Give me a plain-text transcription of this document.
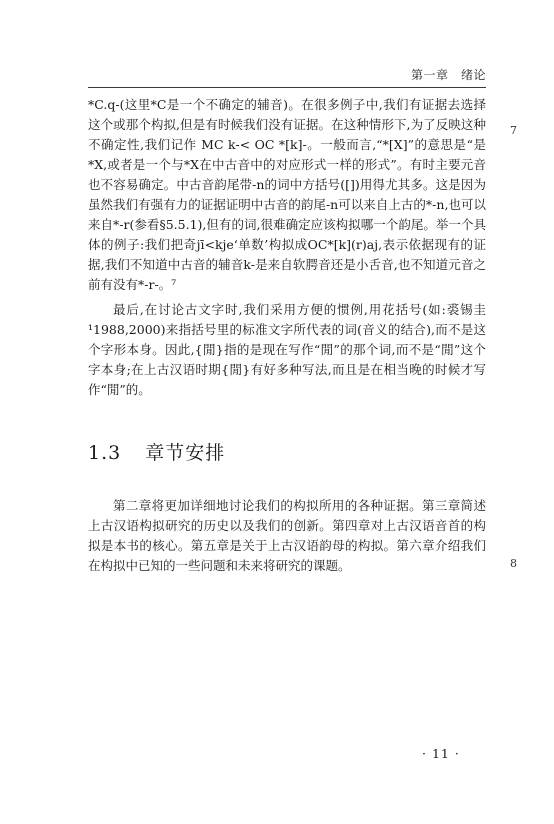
第一章　绪论

*C.q-(这里*C是一个不确定的辅音)。在很多例子中,我们有证据去选择这个或那个构拟,但是有时候我们没有证据。在这种情形下,为了反映这种不确定性,我们记作 MC k-< OC *[k]-。一般而言,“*[X]”的意思是“是*X,或者是一个与*X在中古音中的对应形式一样的形式”。有时主要元音也不容易确定。中古音韵尾带-n的词中方括号([])用得尤其多。这是因为虽然我们有强有力的证据证明中古音的韵尾-n可以来自上古的*-n,也可以来自*-r(参看§5.5.1),但有的词,很难确定应该构拟哪一个韵尾。举一个具体的例子:我们把奇jī<kje‘单数’构拟成OC*[k](r)aj,表示依据现有的证据,我们不知道中古音的辅音k-是来自软腭音还是小舌音,也不知道元音之前有没有*-r-。⁷

最后,在讨论古文字时,我们采用方便的惯例,用花括号(如:裘锡圭¹1988,2000)来指括号里的标准文字所代表的词(音义的结合),而不是这个字形本身。因此,{閒}指的是现在写作“閒”的那个词,而不是“閒”这个字本身;在上古汉语时期{閒}有好多种写法,而且是在相当晚的时候才写作“閒”的。

1.3 章节安排

第二章将更加详细地讨论我们的构拟所用的各种证据。第三章简述上古汉语构拟研究的历史以及我们的创新。第四章对上古汉语音首的构拟是本书的核心。第五章是关于上古汉语韵母的构拟。第六章介绍我们在构拟中已知的一些问题和未来将研究的课题。

7
8
· 11 ·
